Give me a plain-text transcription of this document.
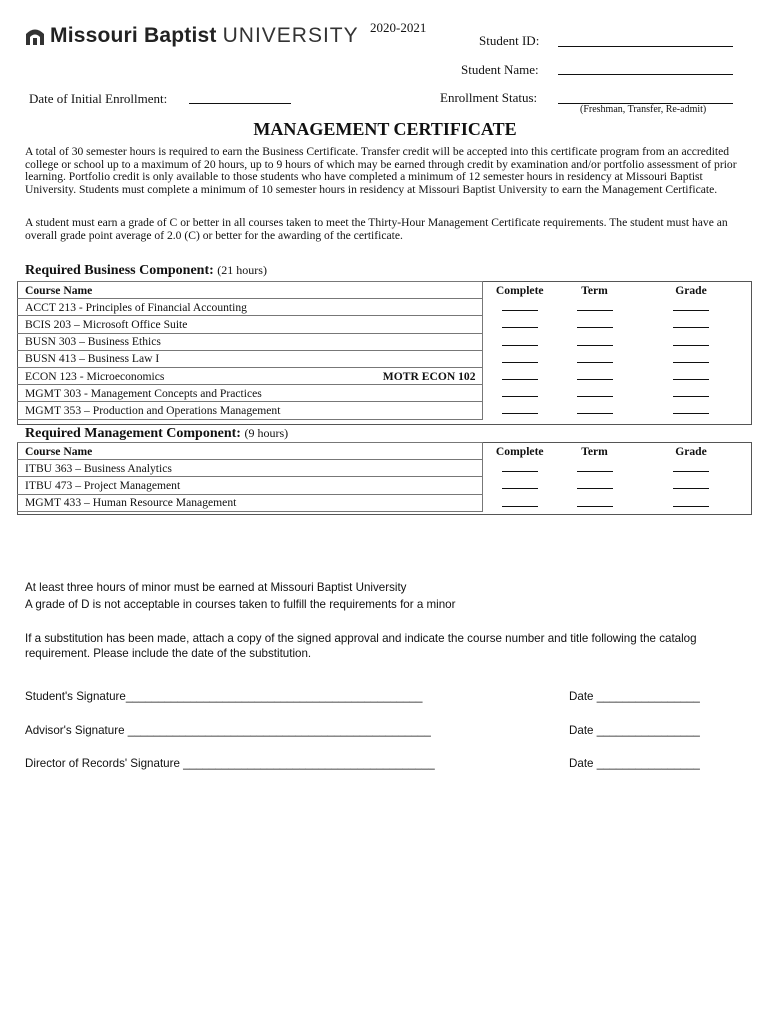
Missouri Baptist UNIVERSITY 2020-2021
Student ID:
Student Name:
Date of Initial Enrollment:	Enrollment Status:
(Freshman, Transfer, Re-admit)
MANAGEMENT CERTIFICATE
A total of 30 semester hours is required to earn the Business Certificate. Transfer credit will be accepted into this certificate program from an accredited college or school up to a maximum of 20 hours, up to 9 hours of which may be earned through credit by examination and/or portfolio assessment of prior learning. Portfolio credit is only available to those students who have completed a minimum of 12 semester hours in residency at Missouri Baptist University. Students must complete a minimum of 10 semester hours in residency at Missouri Baptist University to earn the Management Certificate.
A student must earn a grade of C or better in all courses taken to meet the Thirty-Hour Management Certificate requirements. The student must have an overall grade point average of 2.0 (C) or better for the awarding of the certificate.
Required Business Component: (21 hours)
Course Name	Complete	Term	Grade
ACCT 213 - Principles of Financial Accounting			
BCIS 203 – Microsoft Office Suite			
BUSN 303 – Business Ethics			
BUSN 413 – Business Law I			
ECON 123 - Microeconomics MOTR ECON 102			

MGMT 303 - Management Concepts and Practices			
MGMT 353 – Production and Operations Management			
Required Management Component: (9 hours)
Course Name	Complete	Term	Grade
ITBU 363 – Business Analytics			
ITBU 473 – Project Management			
MGMT 433 – Human Resource Management			
At least three hours of minor must be earned at Missouri Baptist University
A grade of D is not acceptable in courses taken to fulfill the requirements for a minor
If a substitution has been made, attach a copy of the signed approval and indicate the course number and title following the catalog requirement. Please include the date of the substitution.
Student's Signature______________________________________________	Date ________________
Advisor's Signature _______________________________________________	Date ________________
Director of Records' Signature _______________________________________	Date ________________
